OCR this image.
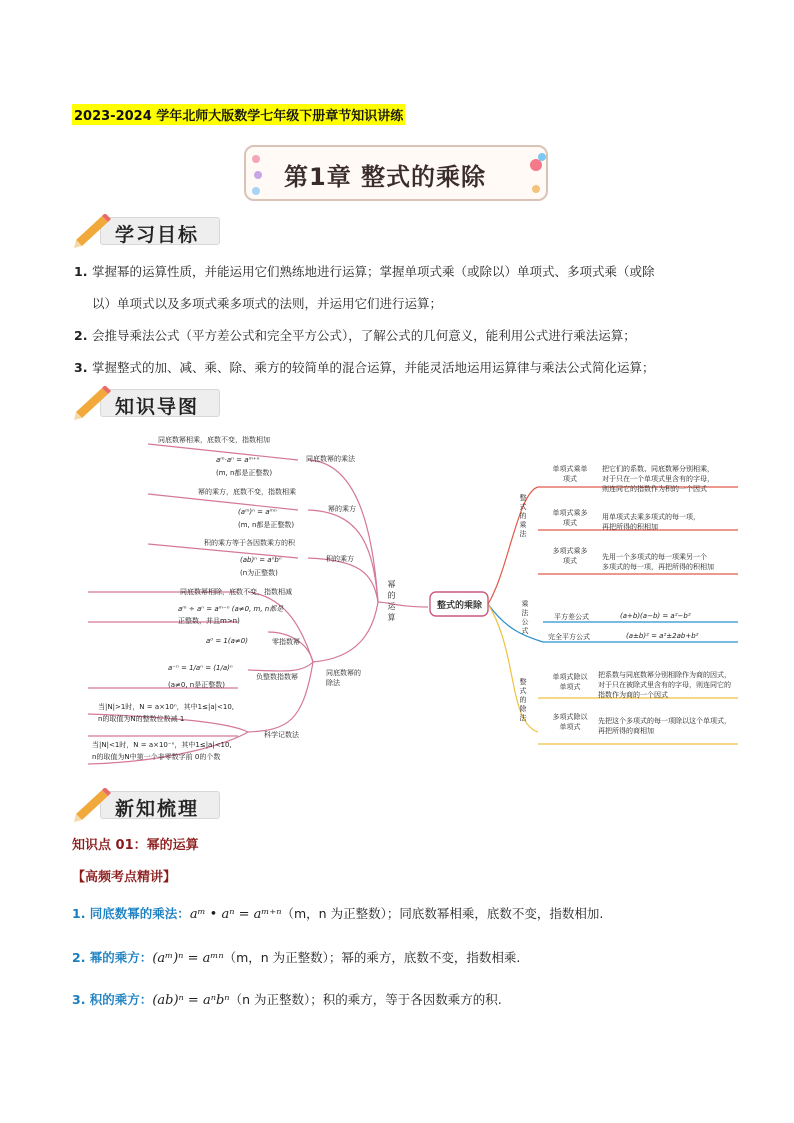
2023-2024 学年北师大版数学七年级下册章节知识讲练
第1章 整式的乘除
学习目标
1. 掌握幂的运算性质，并能运用它们熟练地进行运算；掌握单项式乘（或除以）单项式、多项式乘（或除
以）单项式以及多项式乘多项式的法则，并运用它们进行运算；
2. 会推导乘法公式（平方差公式和完全平方公式），了解公式的几何意义，能利用公式进行乘法运算；
3. 掌握整式的加、减、乘、除、乘方的较简单的混合运算，并能灵活地运用运算律与乘法公式简化运算；
知识导图
整式的乘除
幂的运算
同底数幂的乘法
同底数幂相乘，底数不变，指数相加
aᵐ·aⁿ = aᵐ⁺ⁿ
(m, n都是正整数)
幂的乘方
幂的乘方，底数不变，指数相乘
(aᵐ)ⁿ = aᵐⁿ
(m, n都是正整数)
积的乘方
积的乘方等于各因数乘方的积
(ab)ⁿ = aⁿbⁿ
(n为正整数)
同底数幂的除法
同底数幂相除，底数不变，指数相减
aᵐ ÷ aⁿ = aᵐ⁻ⁿ (a≠0, m, n都是
正整数，并且m>n)
零指数幂
a⁰ = 1(a≠0)
负整数指数幂
a⁻ⁿ = 1/aⁿ = (1/a)ⁿ
(a≠0, n是正整数)
科学记数法
当|N|>1时，N = a×10ⁿ，其中1≤|a|<10,
n的取值为N的整数位数减 1
当|N|<1时，N = a×10⁻ⁿ，其中1≤|a|<10,
n的取值为N中第一个非零数字前 0的个数
整式的乘法
单项式乘单项式
把它们的系数、同底数幂分别相乘，
对于只在一个单项式里含有的字母，
则连同它的指数作为积的一个因式
单项式乘多项式
用单项式去乘多项式的每一项，
再把所得的积相加
多项式乘多项式	先用一个多项式的每一项乘另一个
多项式的每一项，再把所得的积相加
乘法公式	平方差公式	(a+b)(a−b) = a²−b²
完全平方公式	(a±b)² = a²±2ab+b²
整式的除法
单项式除以单项式
把系数与同底数幂分别相除作为商的因式，
对于只在被除式里含有的字母，则连同它的
指数作为商的一个因式
多项式除以单项式
先把这个多项式的每一项除以这个单项式，
再把所得的商相加
新知梳理
知识点 01：幂的运算
【高频考点精讲】
1. 同底数幂的乘法：aᵐ • aⁿ = aᵐ⁺ⁿ（m，n 为正整数）；同底数幂相乘，底数不变，指数相加.
2. 幂的乘方：(aᵐ)ⁿ = aᵐⁿ（m，n 为正整数）；幂的乘方，底数不变，指数相乘.
3. 积的乘方：(ab)ⁿ = aⁿbⁿ（n 为正整数）；积的乘方，等于各因数乘方的积.
